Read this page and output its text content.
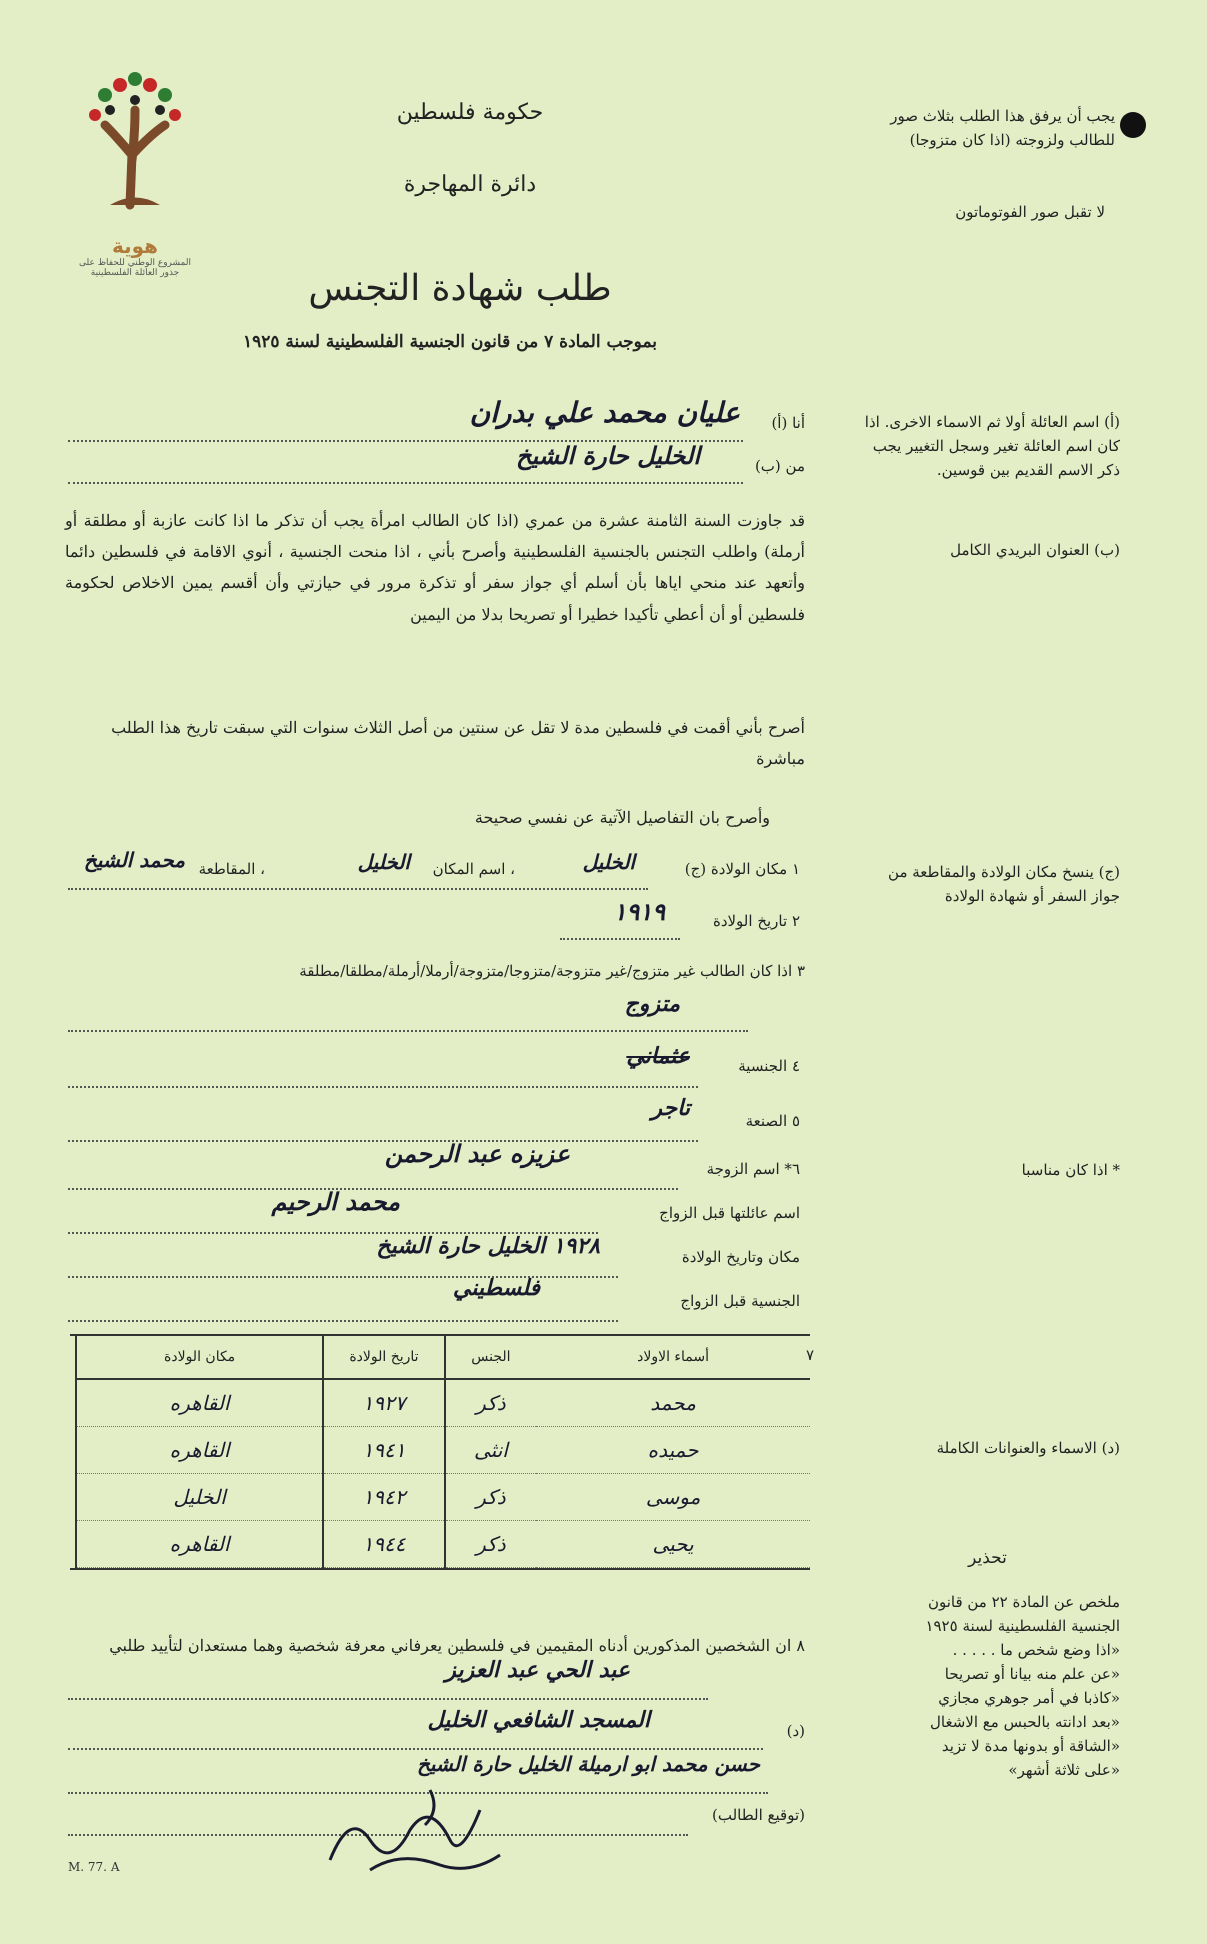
هوية
المشروع الوطني للحفاظ على
جذور العائلة الفلسطينية
حكومة فلسطين
دائرة المهاجرة
طلب شهادة التجنس
بموجب المادة ٧ من قانون الجنسية الفلسطينية لسنة ١٩٢٥
يجب أن يرفق هذا الطلب بثلاث صور للطالب ولزوجته (اذا كان متزوجا)
لا تقبل صور الفوتوماتون
(أ) اسم العائلة أولا ثم الاسماء الاخرى. اذا كان اسم العائلة تغير وسجل التغيير يجب ذكر الاسم القديم بين قوسين.
(ب) العنوان البريدي الكامل
(ج) ينسخ مكان الولادة والمقاطعة من جواز السفر أو شهادة الولادة
* اذا كان مناسبا
(د) الاسماء والعنوانات الكاملة
تحذير
ملخص عن المادة ٢٢ من قانون
الجنسية الفلسطينية لسنة ١٩٢٥
«اذا وضع شخص ما . . . . .
«عن علم منه بيانا أو تصريحا
«كاذبا في أمر جوهري مجازي
«بعد ادانته بالحبس مع الاشغال
«الشاقة أو بدونها مدة لا تزيد
«على ثلاثة أشهر»
أنا (أ)
عليان محمد علي بدران
من (ب)
الخليل حارة الشيخ
قد جاوزت السنة الثامنة عشرة من عمري (اذا كان الطالب امرأة يجب أن تذكر ما اذا كانت عازبة أو مطلقة أو أرملة) واطلب التجنس بالجنسية الفلسطينية وأصرح بأني ، اذا منحت الجنسية ، أنوي الاقامة في فلسطين دائما وأتعهد عند منحي اياها بأن أسلم أي جواز سفر أو تذكرة مرور في حيازتي وأن أقسم يمين الاخلاص لحكومة فلسطين أو أن أعطي تأكيدا خطيرا أو تصريحا بدلا من اليمين
أصرح بأني أقمت في فلسطين مدة لا تقل عن سنتين من أصل الثلاث سنوات التي سبقت تاريخ هذا الطلب مباشرة
وأصرح بان التفاصيل الآتية عن نفسي صحيحة
١ مكان الولادة (ج)
الخليل
، اسم المكان
الخليل
، المقاطعة
محمد الشيخ
٢ تاريخ الولادة
١٩١٩
٣ اذا كان الطالب غير متزوج/غير متزوجة/متزوجا/متزوجة/أرملا/أرملة/مطلقا/مطلقة
متزوج
٤ الجنسية
عثماني
٥ الصنعة
تاجر
٦* اسم الزوجة
عزيزه عبد الرحمن
اسم عائلتها قبل الزواج
محمد الرحيم
مكان وتاريخ الولادة
١٩٢٨ الخليل حارة الشيخ
الجنسية قبل الزواج
فلسطيني
٧
أسماء الاولاد	الجنس	تاريخ الولادة	مكان الولادة
محمد	ذكر	١٩٢٧	القاهره
حميده	انثى	١٩٤١	القاهره
موسى	ذكر	١٩٤٢	الخليل
يحيى	ذكر	١٩٤٤	القاهره
٨ ان الشخصين المذكورين أدناه المقيمين في فلسطين يعرفاني معرفة شخصية وهما مستعدان لتأييد طلبي
عبد الحي عبد العزيز
(د)
المسجد الشافعي الخليل
حسن محمد ابو ارميلة الخليل حارة الشيخ
(توقيع الطالب)
M. 77. A
